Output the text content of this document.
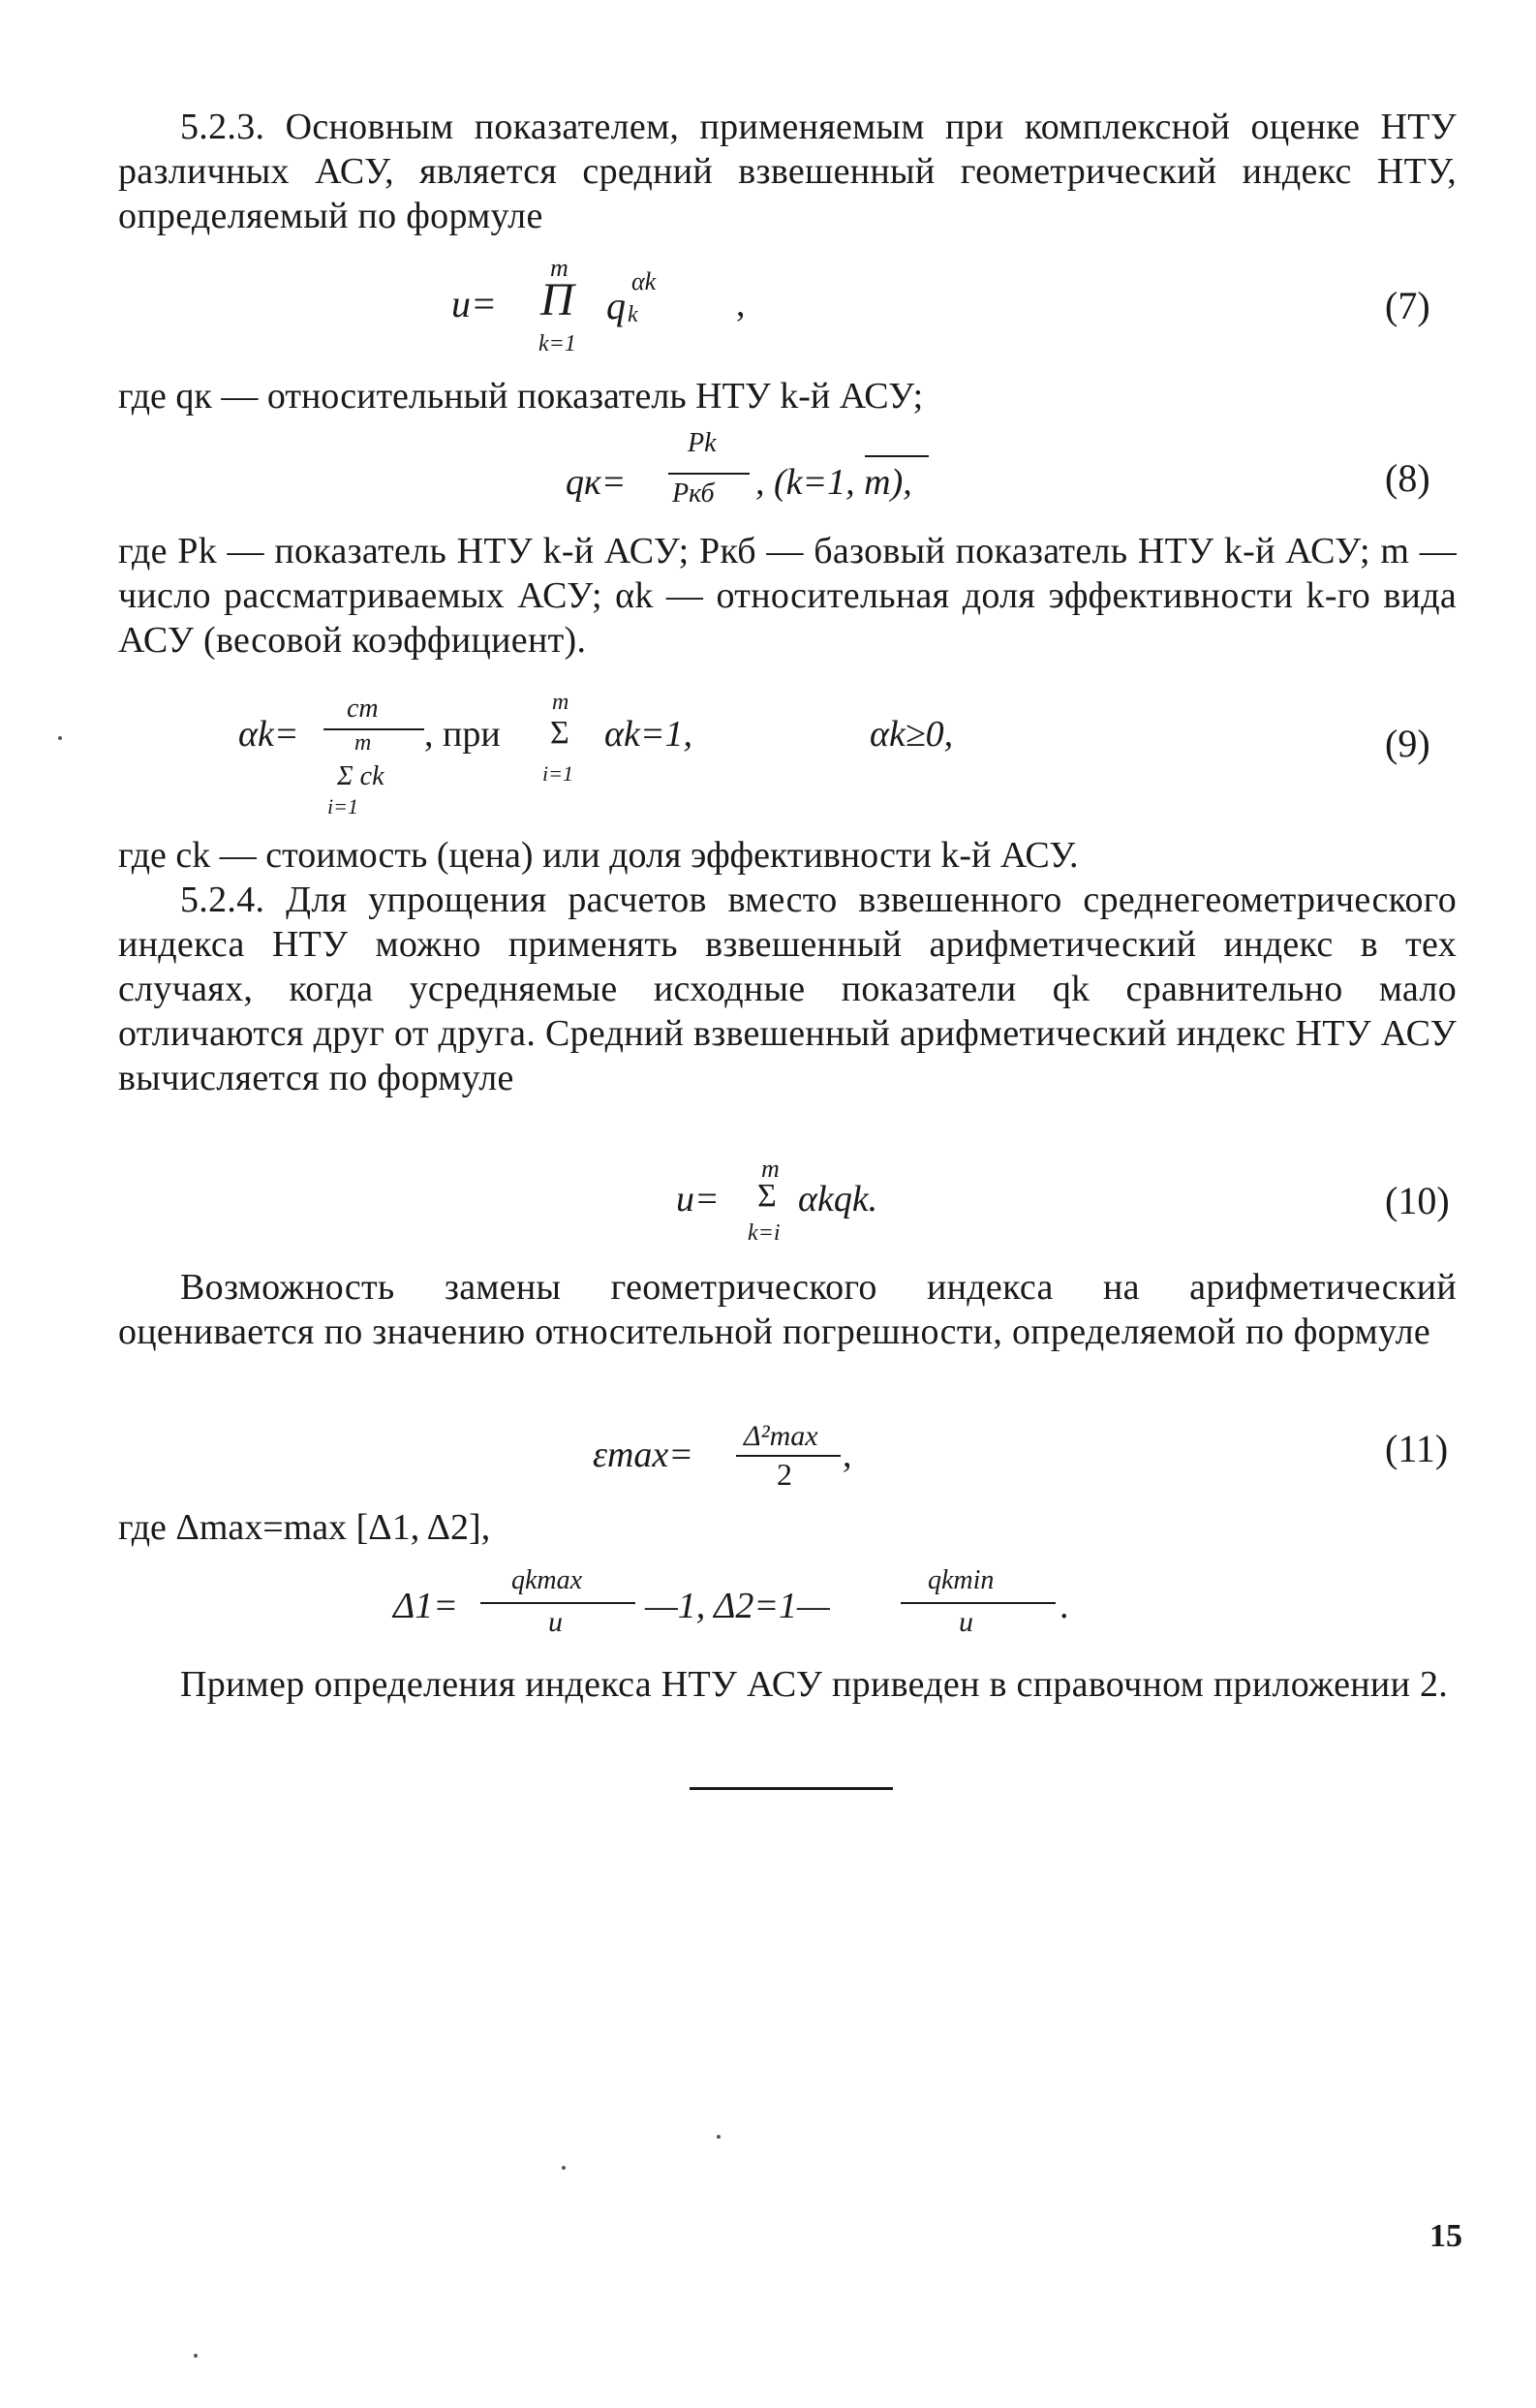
5.2.3. Основным показателем, применяемым при комплексной оценке НТУ различных АСУ, является средний взвешенный геометрический индекс НТУ, определяемый по формуле
u=
m
Π
k=1
q k
αk
,	(7)
где qк — относительный показатель НТУ k-й АСУ;
qк=
Pk
Pкб , (k=1, m),	(8)
где Pk — показатель НТУ k-й АСУ; Pкб — базовый показатель НТУ k-й АСУ; m — число рассматриваемых АСУ; αk — относительная доля эффективности k-го вида АСУ (весовой коэффициент).
αk=
cm
m
Σ ck
i=1
, при
m
Σ
i=1
αk=1,	αk≥0,	(9)
где ck — стоимость (цена) или доля эффективности k-й АСУ.
5.2.4. Для упрощения расчетов вместо взвешенного среднегеометрического индекса НТУ можно применять взвешенный арифметический индекс в тех случаях, когда усредняемые исходные показатели qk сравнительно мало отличаются друг от друга. Средний взвешенный арифметический индекс НТУ АСУ вычисляется по формуле
m
u= Σ
k=i
αkqk.	(10)
Возможность замены геометрического индекса на арифметический оценивается по значению относительной погрешности, определяемой по формуле
Δ²max
εmax=	2 ,	(11)
где Δmax=max [Δ1, Δ2],
Δ1=
qkmax
u —1, Δ2=1—
qkmin
u .
Пример определения индекса НТУ АСУ приведен в справочном приложении 2.
15
